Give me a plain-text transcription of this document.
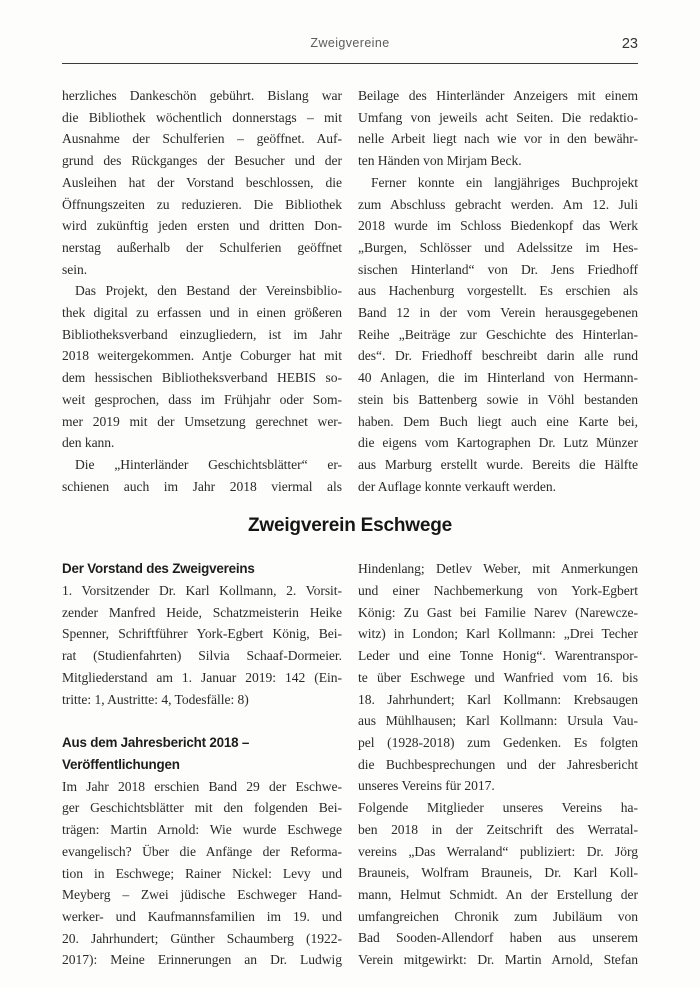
Zweigvereine	23
herzliches Dankeschön gebührt. Bislang war
die Bibliothek wöchentlich donnerstags – mit
Ausnahme der Schulferien – geöffnet. Auf-
grund des Rückganges der Besucher und der
Ausleihen hat der Vorstand beschlossen, die
Öffnungszeiten zu reduzieren. Die Bibliothek
wird zukünftig jeden ersten und dritten Don-
nerstag außerhalb der Schulferien geöffnet
sein.
Das Projekt, den Bestand der Vereinsbiblio-
thek digital zu erfassen und in einen größeren
Bibliotheksverband einzugliedern, ist im Jahr
2018 weitergekommen. Antje Coburger hat mit
dem hessischen Bibliotheksverband HEBIS so-
weit gesprochen, dass im Frühjahr oder Som-
mer 2019 mit der Umsetzung gerechnet wer-
den kann.
Die „Hinterländer Geschichtsblätter“ er-
schienen auch im Jahr 2018 viermal als
Beilage des Hinterländer Anzeigers mit einem
Umfang von jeweils acht Seiten. Die redaktio-
nelle Arbeit liegt nach wie vor in den bewähr-
ten Händen von Mirjam Beck.
Ferner konnte ein langjähriges Buchprojekt
zum Abschluss gebracht werden. Am 12. Juli
2018 wurde im Schloss Biedenkopf das Werk
„Burgen, Schlösser und Adelssitze im Hes-
sischen Hinterland“ von Dr. Jens Friedhoff
aus Hachenburg vorgestellt. Es erschien als
Band 12 in der vom Verein herausgegebenen
Reihe „Beiträge zur Geschichte des Hinterlan-
des“. Dr. Friedhoff beschreibt darin alle rund
40 Anlagen, die im Hinterland von Hermann-
stein bis Battenberg sowie in Vöhl bestanden
haben. Dem Buch liegt auch eine Karte bei,
die eigens vom Kartographen Dr. Lutz Münzer
aus Marburg erstellt wurde. Bereits die Hälfte
der Auflage konnte verkauft werden.
Zweigverein Eschwege
Der Vorstand des Zweigvereins
1. Vorsitzender Dr. Karl Kollmann, 2. Vorsit-
zender Manfred Heide, Schatzmeisterin Heike
Spenner, Schriftführer York-Egbert König, Bei-
rat (Studienfahrten) Silvia Schaaf-Dormeier.
Mitgliederstand am 1. Januar 2019: 142 (Ein-
tritte: 1, Austritte: 4, Todesfälle: 8)
Aus dem Jahresbericht 2018 –
Veröffentlichungen
Im Jahr 2018 erschien Band 29 der Eschwe-
ger Geschichtsblätter mit den folgenden Bei-
trägen: Martin Arnold: Wie wurde Eschwege
evangelisch? Über die Anfänge der Reforma-
tion in Eschwege; Rainer Nickel: Levy und
Meyberg – Zwei jüdische Eschweger Hand-
werker- und Kaufmannsfamilien im 19. und
20. Jahrhundert; Günther Schaumberg (1922-
2017): Meine Erinnerungen an Dr. Ludwig
Hindenlang; Detlev Weber, mit Anmerkungen
und einer Nachbemerkung von York-Egbert
König: Zu Gast bei Familie Narev (Narewcze-
witz) in London; Karl Kollmann: „Drei Techer
Leder und eine Tonne Honig“. Warentranspor-
te über Eschwege und Wanfried vom 16. bis
18. Jahrhundert; Karl Kollmann: Krebsaugen
aus Mühlhausen; Karl Kollmann: Ursula Vau-
pel (1928-2018) zum Gedenken. Es folgten
die Buchbesprechungen und der Jahresbericht
unseres Vereins für 2017.
Folgende Mitglieder unseres Vereins ha-
ben 2018 in der Zeitschrift des Werratal-
vereins „Das Werraland“ publiziert: Dr. Jörg
Brauneis, Wolfram Brauneis, Dr. Karl Koll-
mann, Helmut Schmidt. An der Erstellung der
umfangreichen Chronik zum Jubiläum von
Bad Sooden-Allendorf haben aus unserem
Verein mitgewirkt: Dr. Martin Arnold, Stefan
